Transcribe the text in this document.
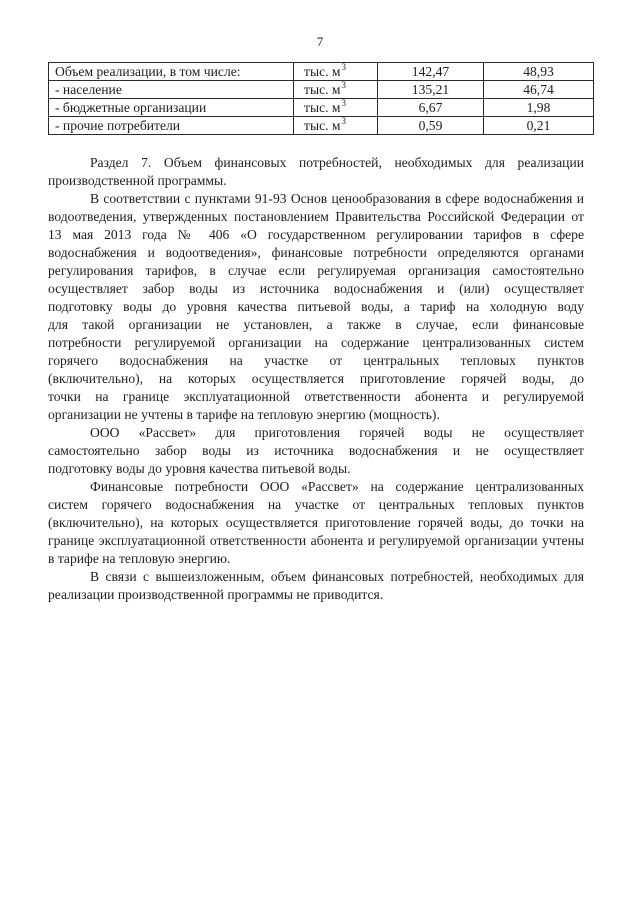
7
Объем реализации, в том числе:	тыс. $м^3$	142,47	48,93
- население	тыс. $м^3$	135,21	46,74
- бюджетные организации	тыс. $м^3$	6,67	1,98
- прочие потребители	тыс. $м^3$	0,59	0,21
Раздел 7. Объем финансовых потребностей, необходимых для реализации
производственной программы.
В соответствии с пунктами 91-93 Основ ценообразования в сфере водоснабжения и
водоотведения, утвержденных постановлением Правительства Российской Федерации от
13 мая 2013 года № 406 «О государственном регулировании тарифов в сфере
водоснабжения и водоотведения», финансовые потребности определяются органами
регулирования тарифов, в случае если регулируемая организация самостоятельно
осуществляет забор воды из источника водоснабжения и (или) осуществляет
подготовку воды до уровня качества питьевой воды, а тариф на холодную воду
для такой организации не установлен, а также в случае, если финансовые
потребности регулируемой организации на содержание централизованных систем
горячего водоснабжения на участке от центральных тепловых пунктов
(включительно), на которых осуществляется приготовление горячей воды, до
точки на границе эксплуатационной ответственности абонента и регулируемой
организации не учтены в тарифе на тепловую энергию (мощность).
ООО «Рассвет» для приготовления горячей воды не осуществляет
самостоятельно забор воды из источника водоснабжения и не осуществляет
подготовку воды до уровня качества питьевой воды.
Финансовые потребности ООО «Рассвет» на содержание централизованных
систем горячего водоснабжения на участке от центральных тепловых пунктов
(включительно), на которых осуществляется приготовление горячей воды, до точки на
границе эксплуатационной ответственности абонента и регулируемой организации учтены
в тарифе на тепловую энергию.
В связи с вышеизложенным, объем финансовых потребностей, необходимых для
реализации производственной программы не приводится.
